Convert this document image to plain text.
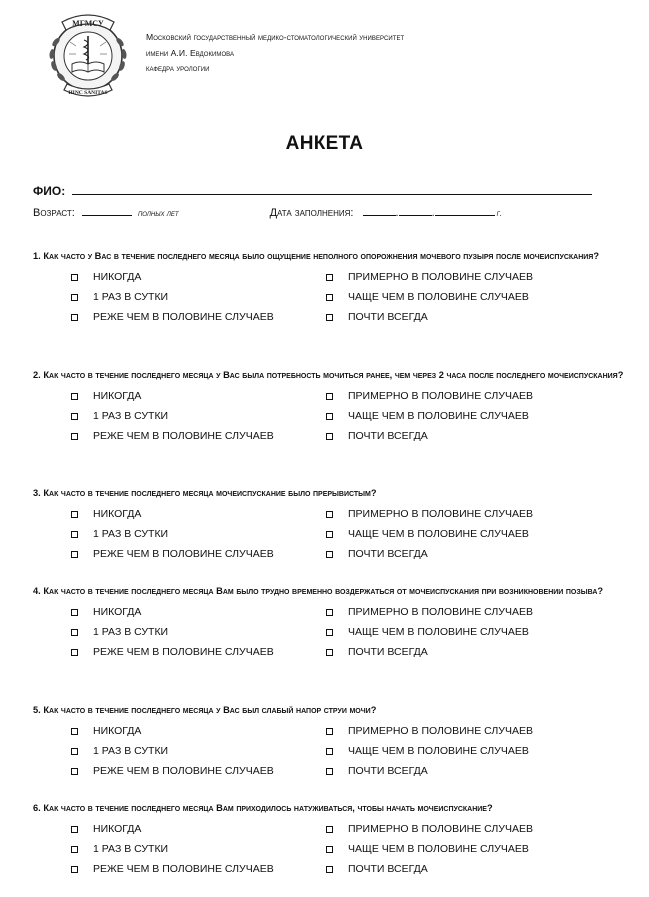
МГМСУ
HINC SANITAS
Московский государственный медико-стоматологический университет
имени А.И. Евдокимова
кафедра урологии
АНКЕТА
ФИО:
Возраст:	полных лет	Дата заполнения:	.	.	г.
1. Как часто у Вас в течение последнего месяца было ощущение неполного опорожнения мочевого пузыря после мочеиспускания?
НИКОГДА
1 РАЗ В СУТКИ
РЕЖЕ ЧЕМ В ПОЛОВИНЕ СЛУЧАЕВ
ПРИМЕРНО В ПОЛОВИНЕ СЛУЧАЕВ
ЧАЩЕ ЧЕМ В ПОЛОВИНЕ СЛУЧАЕВ
ПОЧТИ ВСЕГДА
2. Как часто в течение последнего месяца у Вас была потребность мочиться ранее, чем через 2 часа после последнего мочеиспускания?
НИКОГДА
1 РАЗ В СУТКИ
РЕЖЕ ЧЕМ В ПОЛОВИНЕ СЛУЧАЕВ
ПРИМЕРНО В ПОЛОВИНЕ СЛУЧАЕВ
ЧАЩЕ ЧЕМ В ПОЛОВИНЕ СЛУЧАЕВ
ПОЧТИ ВСЕГДА
3. Как часто в течение последнего месяца мочеиспускание было прерывистым?
НИКОГДА
1 РАЗ В СУТКИ
РЕЖЕ ЧЕМ В ПОЛОВИНЕ СЛУЧАЕВ
ПРИМЕРНО В ПОЛОВИНЕ СЛУЧАЕВ
ЧАЩЕ ЧЕМ В ПОЛОВИНЕ СЛУЧАЕВ
ПОЧТИ ВСЕГДА
4. Как часто в течение последнего месяца Вам было трудно временно воздержаться от мочеиспускания при возникновении позыва?
НИКОГДА
1 РАЗ В СУТКИ
РЕЖЕ ЧЕМ В ПОЛОВИНЕ СЛУЧАЕВ
ПРИМЕРНО В ПОЛОВИНЕ СЛУЧАЕВ
ЧАЩЕ ЧЕМ В ПОЛОВИНЕ СЛУЧАЕВ
ПОЧТИ ВСЕГДА
5. Как часто в течение последнего месяца у Вас был слабый напор струи мочи?
НИКОГДА
1 РАЗ В СУТКИ
РЕЖЕ ЧЕМ В ПОЛОВИНЕ СЛУЧАЕВ
ПРИМЕРНО В ПОЛОВИНЕ СЛУЧАЕВ
ЧАЩЕ ЧЕМ В ПОЛОВИНЕ СЛУЧАЕВ
ПОЧТИ ВСЕГДА
6. Как часто в течение последнего месяца Вам приходилось натуживаться, чтобы начать мочеиспускание?
НИКОГДА
1 РАЗ В СУТКИ
РЕЖЕ ЧЕМ В ПОЛОВИНЕ СЛУЧАЕВ
ПРИМЕРНО В ПОЛОВИНЕ СЛУЧАЕВ
ЧАЩЕ ЧЕМ В ПОЛОВИНЕ СЛУЧАЕВ
ПОЧТИ ВСЕГДА
